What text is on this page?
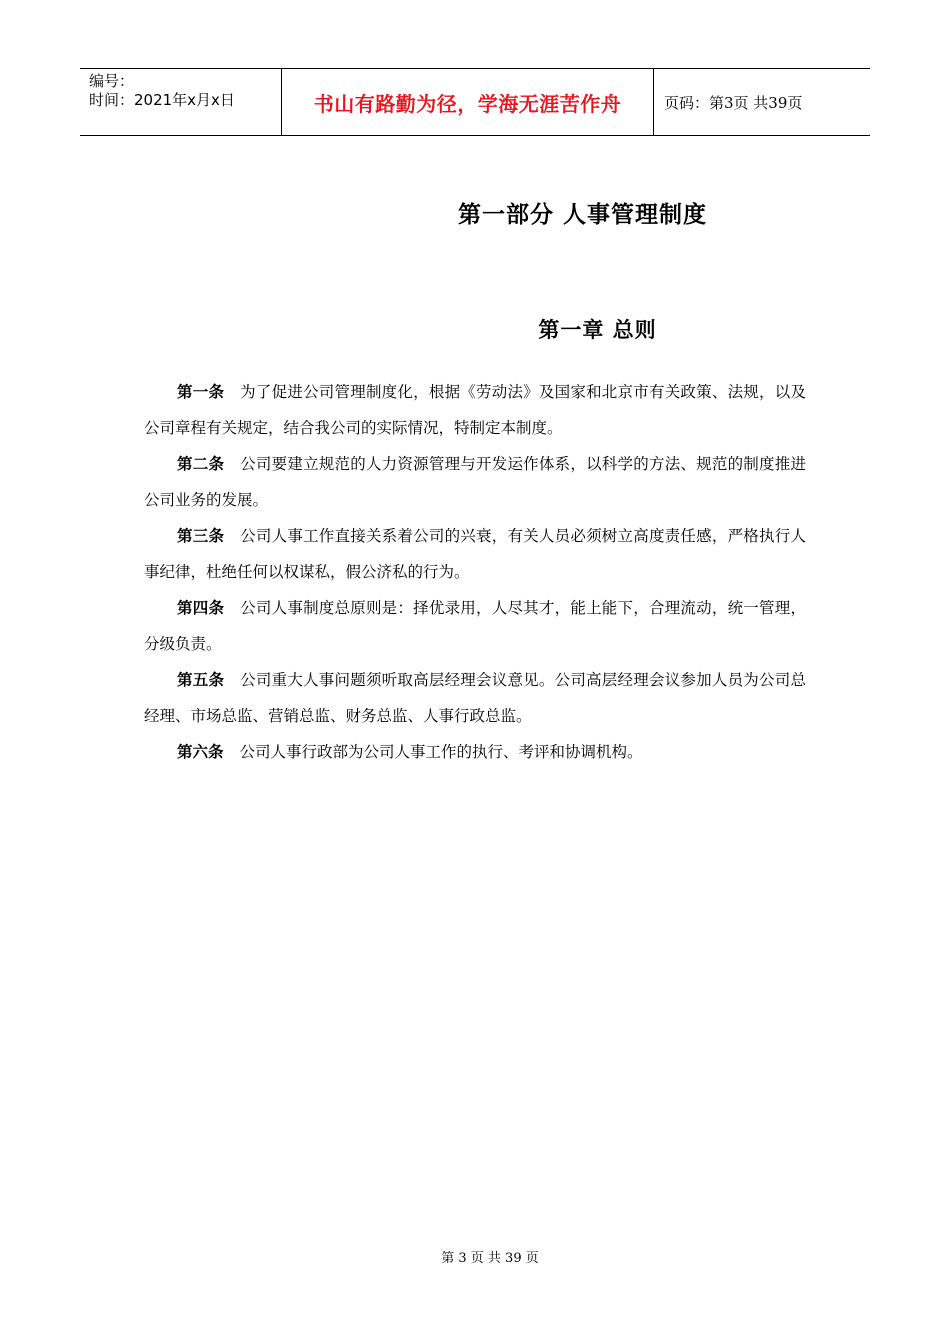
编号：
时间：2021年x月x日	书山有路勤为径，学海无涯苦作舟	页码：第3页 共39页
第一部分 人事管理制度
第一章 总则

第一条 为了促进公司管理制度化，根据《劳动法》及国家和北京市有关政策、法规，以及公司章程有关规定，结合我公司的实际情况，特制定本制度。

第二条 公司要建立规范的人力资源管理与开发运作体系，以科学的方法、规范的制度推进公司业务的发展。

第三条 公司人事工作直接关系着公司的兴衰，有关人员必须树立高度责任感，严格执行人事纪律，杜绝任何以权谋私，假公济私的行为。

第四条 公司人事制度总原则是：择优录用，人尽其才，能上能下，合理流动，统一管理，分级负责。

第五条 公司重大人事问题须听取高层经理会议意见。公司高层经理会议参加人员为公司总经理、市场总监、营销总监、财务总监、人事行政总监。

第六条 公司人事行政部为公司人事工作的执行、考评和协调机构。

第 3 页 共 39 页
